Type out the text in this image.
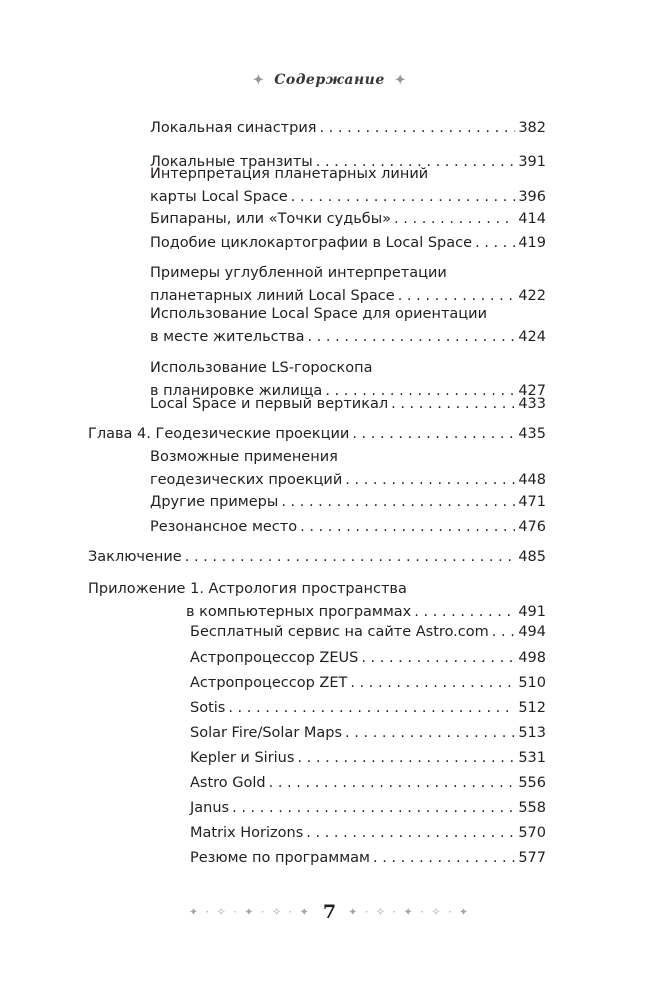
✦ Содержание ✦
Локальная синастрия . . .	382
Локальные транзиты . . .	391
Интерпретация планетарных линий
карты Local Space . . .	396
Бипараны, или «Точки судьбы» . . .	414
Подобие циклокартографии в Local Space . . .	419
Примеры углубленной интерпретации
планетарных линий Local Space . . .	422
Использование Local Space для ориентации
в месте жительства . . .	424
Использование LS-гороскопа
в планировке жилища . . .	427
Local Space и первый вертикал . . .	433
Глава 4. Геодезические проекции . . .	435
Возможные применения
геодезических проекций . . .	448
Другие примеры . . .	471
Резонансное место . . .	476
Заключение . . .	485
Приложение 1. Астрология пространства
в компьютерных программах . . .	491
Бесплатный сервис на сайте Astro.com . . . 494
Астропроцессор ZEUS . . .	498
Астропроцессор ZET . . .	510
Sotis . . .	512
Solar Fire/Solar Maps . . .	513
Kepler и Sirius . . .	531
Astro Gold . . .	556
Janus . . .	558
Matrix Horizons . . .	570
Резюме по программам . . .	577
✦ · ✧ · ✦ · ✧ · ✦ 7 ✦ · ✧ · ✦ · ✧ · ✦
